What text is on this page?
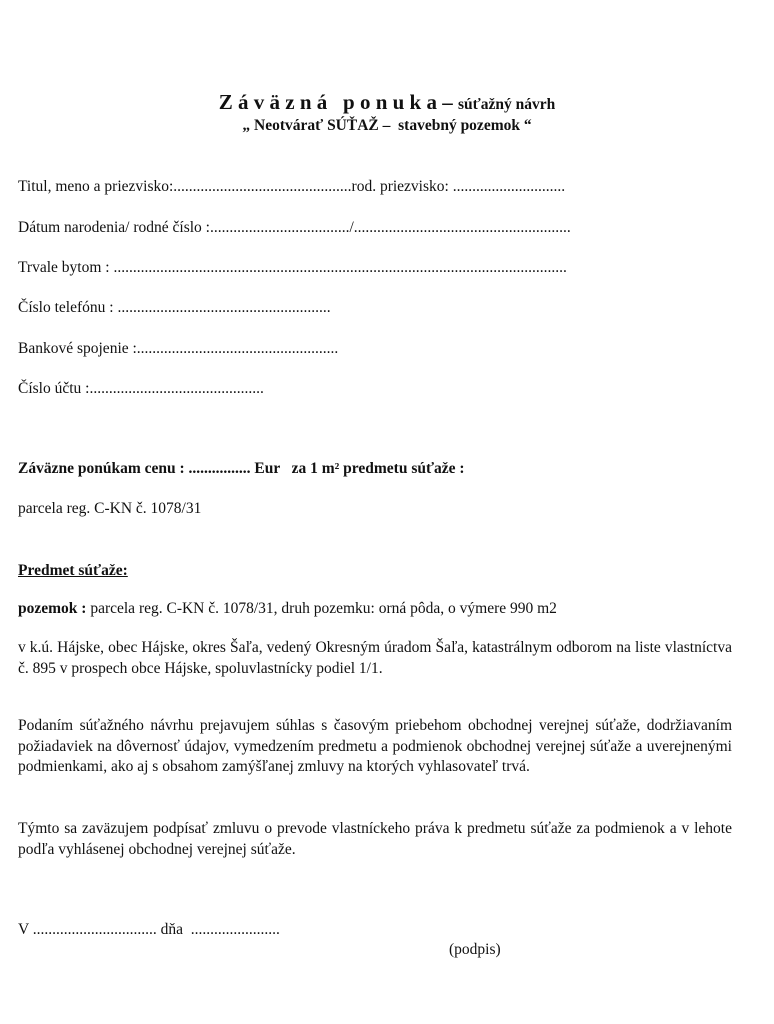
Z á v ä z n á   p o n u k a – súťažný návrh
„ Neotvárať SÚŤAŽ –  stavebný pozemok “
Titul, meno a priezvisko:..............................................rod. priezvisko: .............................
Dátum narodenia/ rodné číslo :..................................../........................................................
Trvale bytom : .....................................................................................................................
Číslo telefónu : .......................................................
Bankové spojenie :....................................................
Číslo účtu :.............................................
Záväzne ponúkam cenu : ................ Eur   za 1 m² predmetu súťaže :
parcela reg. C-KN č. 1078/31
Predmet súťaže:
pozemok : parcela reg. C-KN č. 1078/31, druh pozemku: orná pôda, o výmere 990 m2
v k.ú. Hájske, obec Hájske, okres Šaľa, vedený Okresným úradom Šaľa, katastrálnym odborom na liste vlastníctva č. 895 v prospech obce Hájske, spoluvlastnícky podiel 1/1.
Podaním súťažného návrhu prejavujem súhlas s časovým priebehom obchodnej verejnej súťaže, dodržiavaním požiadaviek na dôvernosť údajov, vymedzením predmetu a podmienok obchodnej verejnej súťaže a uverejnenými podmienkami, ako aj s obsahom zamýšľanej zmluvy na ktorých vyhlasovateľ trvá.
Týmto sa zaväzujem podpísať zmluvu o prevode vlastníckeho práva k predmetu súťaže za podmienok a v lehote podľa vyhlásenej obchodnej verejnej súťaže.
V ................................ dňa  .......................
(podpis)
